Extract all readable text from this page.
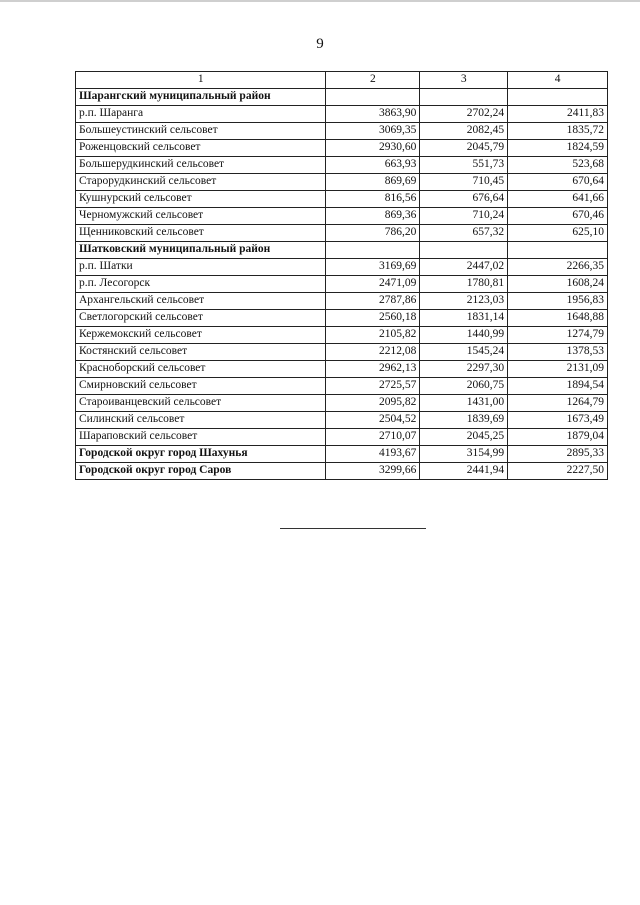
9
1	2	3	4
Шарангский муниципальный район			
р.п. Шаранга	3863,90	2702,24	2411,83
Большеустинский сельсовет	3069,35	2082,45	1835,72
Роженцовский сельсовет	2930,60	2045,79	1824,59
Большерудкинский сельсовет	663,93	551,73	523,68
Старорудкинский сельсовет	869,69	710,45	670,64
Кушнурский сельсовет	816,56	676,64	641,66
Черномужский сельсовет	869,36	710,24	670,46
Щенниковский сельсовет	786,20	657,32	625,10
Шатковский муниципальный район			
р.п. Шатки	3169,69	2447,02	2266,35
р.п. Лесогорск	2471,09	1780,81	1608,24
Архангельский сельсовет	2787,86	2123,03	1956,83
Светлогорский сельсовет	2560,18	1831,14	1648,88
Кержемокский сельсовет	2105,82	1440,99	1274,79
Костянский сельсовет	2212,08	1545,24	1378,53
Красноборский сельсовет	2962,13	2297,30	2131,09
Смирновский сельсовет	2725,57	2060,75	1894,54
Староиванцевский сельсовет	2095,82	1431,00	1264,79
Силинский сельсовет	2504,52	1839,69	1673,49
Шараповский сельсовет	2710,07	2045,25	1879,04
Городской округ город Шахунья	4193,67	3154,99	2895,33
Городской округ город Саров	3299,66	2441,94	2227,50
